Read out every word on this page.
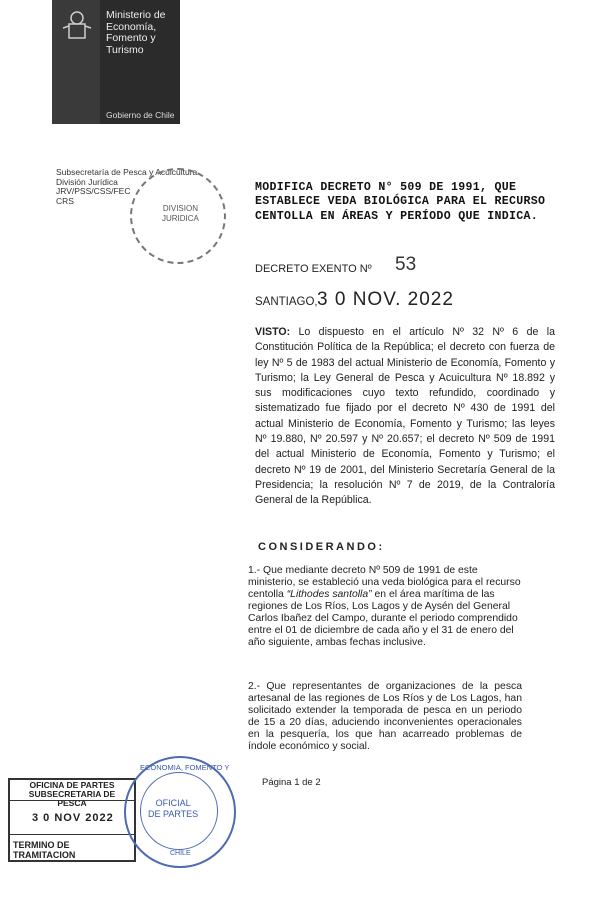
Ministerio de
Economía,
Fomento y
Turismo
Gobierno de Chile
Subsecretaría de Pesca y Acuicultura
División Jurídica
JRV/PSS/CSS/FEC
CRS
DIVISION
JURIDICA
MODIFICA DECRETO N° 509 DE 1991, QUE ESTABLECE VEDA BIOLÓGICA PARA EL RECURSO CENTOLLA EN ÁREAS Y PERÍODO QUE INDICA.
DECRETO EXENTO Nº 53
SANTIAGO, 3 0 NOV. 2022
VISTO: Lo dispuesto en el artículo Nº 32 Nº 6 de la Constitución Política de la República; el decreto con fuerza de ley Nº 5 de 1983 del actual Ministerio de Economía, Fomento y Turismo; la Ley General de Pesca y Acuicultura Nº 18.892 y sus modificaciones cuyo texto refundido, coordinado y sistematizado fue fijado por el decreto Nº 430 de 1991 del actual Ministerio de Economía, Fomento y Turismo; las leyes Nº 19.880, Nº 20.597 y Nº 20.657; el decreto Nº 509 de 1991 del actual Ministerio de Economía, Fomento y Turismo; el decreto Nº 19 de 2001, del Ministerio Secretaría General de la Presidencia; la resolución Nº 7 de 2019, de la Contraloría General de la República.
CONSIDERANDO:
1.- Que mediante decreto Nº 509 de 1991 de este ministerio, se estableció una veda biológica para el recurso centolla “Lithodes santolla” en el área marítima de las regiones de Los Ríos, Los Lagos y de Aysén del General Carlos Ibañez del Campo, durante el periodo comprendido entre el 01 de diciembre de cada año y el 31 de enero del año siguiente, ambas fechas inclusive.
2.- Que representantes de organizaciones de la pesca artesanal de las regiones de Los Ríos y de Los Lagos, han solicitado extender la temporada de pesca en un periodo de 15 a 20 días, aduciendo inconvenientes operacionales en la pesquería, los que han acarreado problemas de índole económico y social.
Página 1 de 2
OFICINA DE PARTES
SUBSECRETARIA DE PESCA
3 0 NOV 2022
TERMINO DE TRAMITACION
ECONOMIA, FOMENTO Y
OFICIAL
DE PARTES
CHILE
